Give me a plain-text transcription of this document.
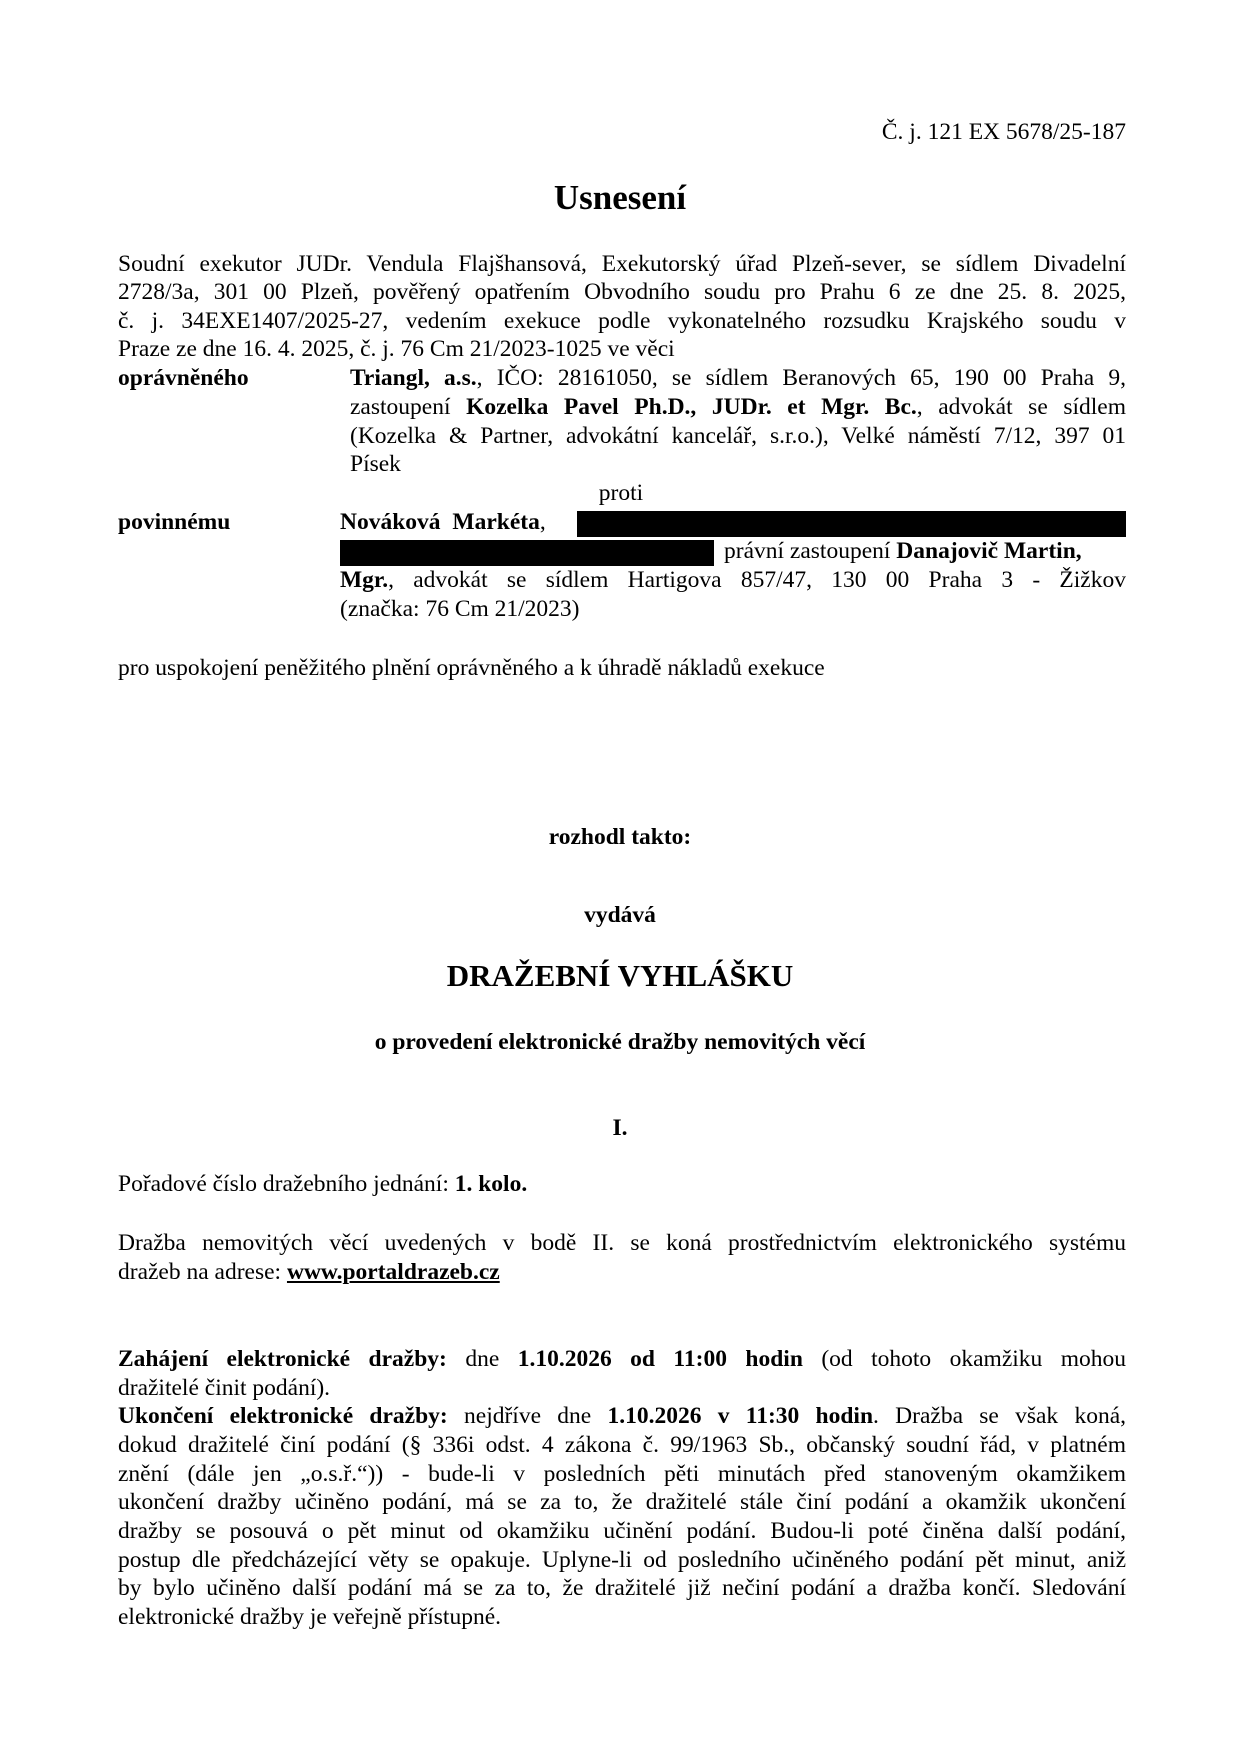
Č. j. 121 EX 5678/25-187
Usnesení
Soudní exekutor JUDr. Vendula Flajšhansová, Exekutorský úřad Plzeň-sever, se sídlem Divadelní
2728/3a, 301 00 Plzeň, pověřený opatřením Obvodního soudu pro Prahu 6 ze dne 25. 8. 2025,
č. j. 34EXE1407/2025-27, vedením exekuce podle vykonatelného rozsudku Krajského soudu v
Praze ze dne 16. 4. 2025, č. j. 76 Cm 21/2023-1025 ve věci
oprávněného	Triangl, a.s., IČO: 28161050, se sídlem Beranových 65, 190 00 Praha 9,
zastoupení Kozelka Pavel Ph.D., JUDr. et Mgr. Bc., advokát se sídlem
(Kozelka & Partner, advokátní kancelář, s.r.o.), Velké náměstí 7/12, 397 01
Písek
proti
povinnému	Nováková Markéta,
právní zastoupení Danajovič Martin,
Mgr., advokát se sídlem Hartigova 857/47, 130 00 Praha 3 - Žižkov
(značka: 76 Cm 21/2023)
pro uspokojení peněžitého plnění oprávněného a k úhradě nákladů exekuce
rozhodl takto:
vydává
DRAŽEBNÍ VYHLÁŠKU
o provedení elektronické dražby nemovitých věcí
I.
Pořadové číslo dražebního jednání: 1. kolo.
Dražba nemovitých věcí uvedených v bodě II. se koná prostřednictvím elektronického systému
dražeb na adrese: www.portaldrazeb.cz
Zahájení elektronické dražby: dne 1.10.2026 od 11:00 hodin (od tohoto okamžiku mohou
dražitelé činit podání).
Ukončení elektronické dražby: nejdříve dne 1.10.2026 v 11:30 hodin. Dražba se však koná,
dokud dražitelé činí podání (§ 336i odst. 4 zákona č. 99/1963 Sb., občanský soudní řád, v platném
znění (dále jen „o.s.ř.“)) - bude-li v posledních pěti minutách před stanoveným okamžikem
ukončení dražby učiněno podání, má se za to, že dražitelé stále činí podání a okamžik ukončení
dražby se posouvá o pět minut od okamžiku učinění podání. Budou-li poté činěna další podání,
postup dle předcházející věty se opakuje. Uplyne-li od posledního učiněného podání pět minut, aniž
by bylo učiněno další podání má se za to, že dražitelé již nečiní podání a dražba končí. Sledování
elektronické dražby je veřejně přístupné.
